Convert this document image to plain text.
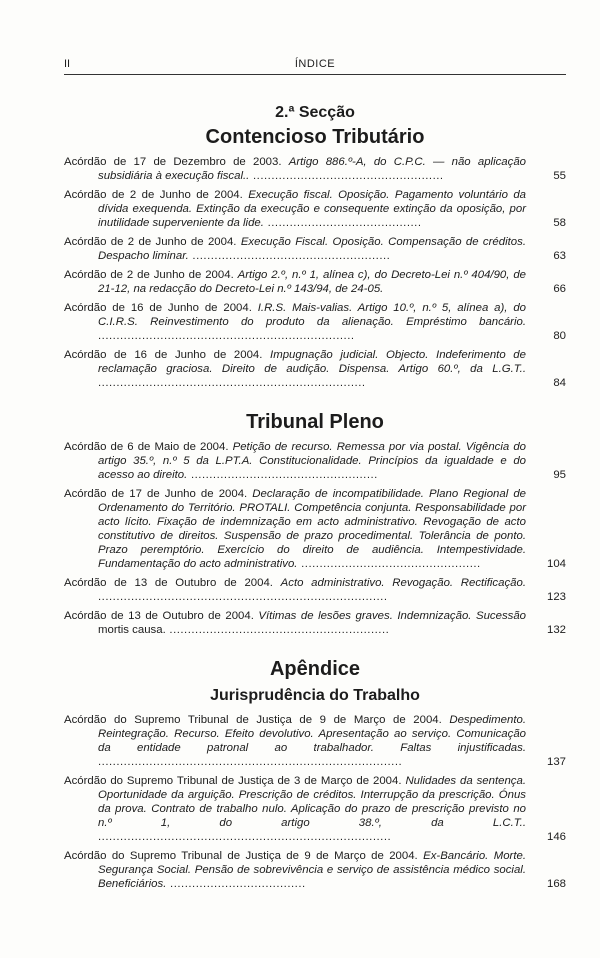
II	ÍNDICE
2.ª Secção
Contencioso Tributário
Acórdão de 17 de Dezembro de 2003. Artigo 886.º-A, do C.P.C. — não aplicação subsidiária à execução fiscal.. ....................................................	55
Acórdão de 2 de Junho de 2004. Execução fiscal. Oposição. Pagamento voluntário da dívida exequenda. Extinção da execução e consequente extinção da oposição, por inutilidade superveniente da lide. ..........................................	58
Acórdão de 2 de Junho de 2004. Execução Fiscal. Oposição. Compensação de créditos. Despacho liminar. ......................................................	63
Acórdão de 2 de Junho de 2004. Artigo 2.º, n.º 1, alínea c), do Decreto-Lei n.º 404/90, de 21-12, na redacção do Decreto-Lei n.º 143/94, de 24-05.	66
Acórdão de 16 de Junho de 2004. I.R.S. Mais-valias. Artigo 10.º, n.º 5, alínea a), do C.I.R.S. Reinvestimento do produto da alienação. Empréstimo bancário. ......................................................................	80
Acórdão de 16 de Junho de 2004. Impugnação judicial. Objecto. Indeferimento de reclamação graciosa. Direito de audição. Dispensa. Artigo 60.º, da L.G.T.. .........................................................................	84
Tribunal Pleno
Acórdão de 6 de Maio de 2004. Petição de recurso. Remessa por via postal. Vigência do artigo 35.º, n.º 5 da L.PT.A. Constitucionalidade. Princípios da igualdade e do acesso ao direito. ...................................................	95
Acórdão de 17 de Junho de 2004. Declaração de incompatibilidade. Plano Regional de Ordenamento do Território. PROTALI. Competência conjunta. Responsabilidade por acto lícito. Fixação de indemnização em acto administrativo. Revogação de acto constitutivo de direitos. Suspensão de prazo procedimental. Tolerância de ponto. Prazo peremptório. Exercício do direito de audiência. Intempestividade. Fundamentação do acto administrativo. .................................................	104
Acórdão de 13 de Outubro de 2004. Acto administrativo. Revogação. Rectificação. ...............................................................................	123
Acórdão de 13 de Outubro de 2004. Vítimas de lesões graves. Indemnização. Sucessão mortis causa. ............................................................	132
Apêndice
Jurisprudência do Trabalho
Acórdão do Supremo Tribunal de Justiça de 9 de Março de 2004. Despedimento. Reintegração. Recurso. Efeito devolutivo. Apresentação ao serviço. Comunicação da entidade patronal ao trabalhador. Faltas injustificadas. ...................................................................................	137
Acórdão do Supremo Tribunal de Justiça de 3 de Março de 2004. Nulidades da sentença. Oportunidade da arguição. Prescrição de créditos. Interrupção da prescrição. Ónus da prova. Contrato de trabalho nulo. Aplicação do prazo de prescrição previsto no n.º 1, do artigo 38.º, da L.C.T.. ................................................................................	146
Acórdão do Supremo Tribunal de Justiça de 9 de Março de 2004. Ex-Bancário. Morte. Segurança Social. Pensão de sobrevivência e serviço de assistência médico social. Beneficiários. .....................................	168
